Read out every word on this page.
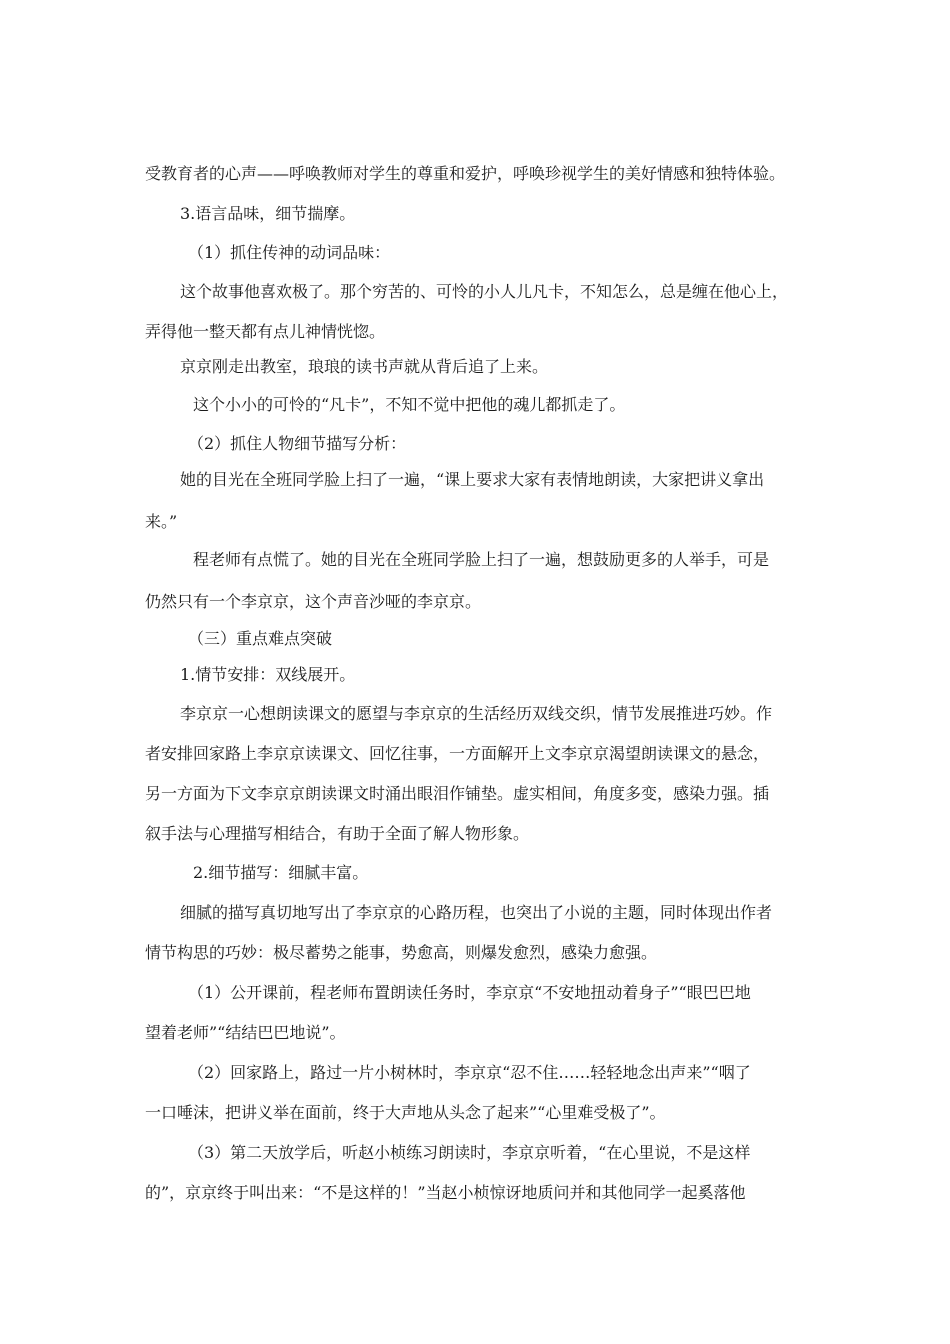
受教育者的心声——呼唤教师对学生的尊重和爱护，呼唤珍视学生的美好情感和独特体验。
3.语言品味，细节揣摩。
（1）抓住传神的动词品味：
这个故事他喜欢极了。那个穷苦的、可怜的小人儿凡卡，不知怎么，总是缠在他心上，
弄得他一整天都有点儿神情恍惚。
京京刚走出教室，琅琅的读书声就从背后追了上来。
这个小小的可怜的“凡卡”，不知不觉中把他的魂儿都抓走了。
（2）抓住人物细节描写分析：
她的目光在全班同学脸上扫了一遍，“课上要求大家有表情地朗读，大家把讲义拿出
来。”
程老师有点慌了。她的目光在全班同学脸上扫了一遍，想鼓励更多的人举手，可是
仍然只有一个李京京，这个声音沙哑的李京京。
（三）重点难点突破
1.情节安排：双线展开。
李京京一心想朗读课文的愿望与李京京的生活经历双线交织，情节发展推进巧妙。作
者安排回家路上李京京读课文、回忆往事，一方面解开上文李京京渴望朗读课文的悬念，
另一方面为下文李京京朗读课文时涌出眼泪作铺垫。虚实相间，角度多变，感染力强。插
叙手法与心理描写相结合，有助于全面了解人物形象。
2.细节描写：细腻丰富。
细腻的描写真切地写出了李京京的心路历程，也突出了小说的主题，同时体现出作者
情节构思的巧妙：极尽蓄势之能事，势愈高，则爆发愈烈，感染力愈强。
（1）公开课前，程老师布置朗读任务时，李京京“不安地扭动着身子”“眼巴巴地
望着老师”“结结巴巴地说”。
（2）回家路上，路过一片小树林时，李京京“忍不住……轻轻地念出声来”“咽了
一口唾沫，把讲义举在面前，终于大声地从头念了起来”“心里难受极了”。
（3）第二天放学后，听赵小桢练习朗读时，李京京听着，“在心里说，不是这样
的”，京京终于叫出来：“不是这样的！”当赵小桢惊讶地质问并和其他同学一起奚落他
